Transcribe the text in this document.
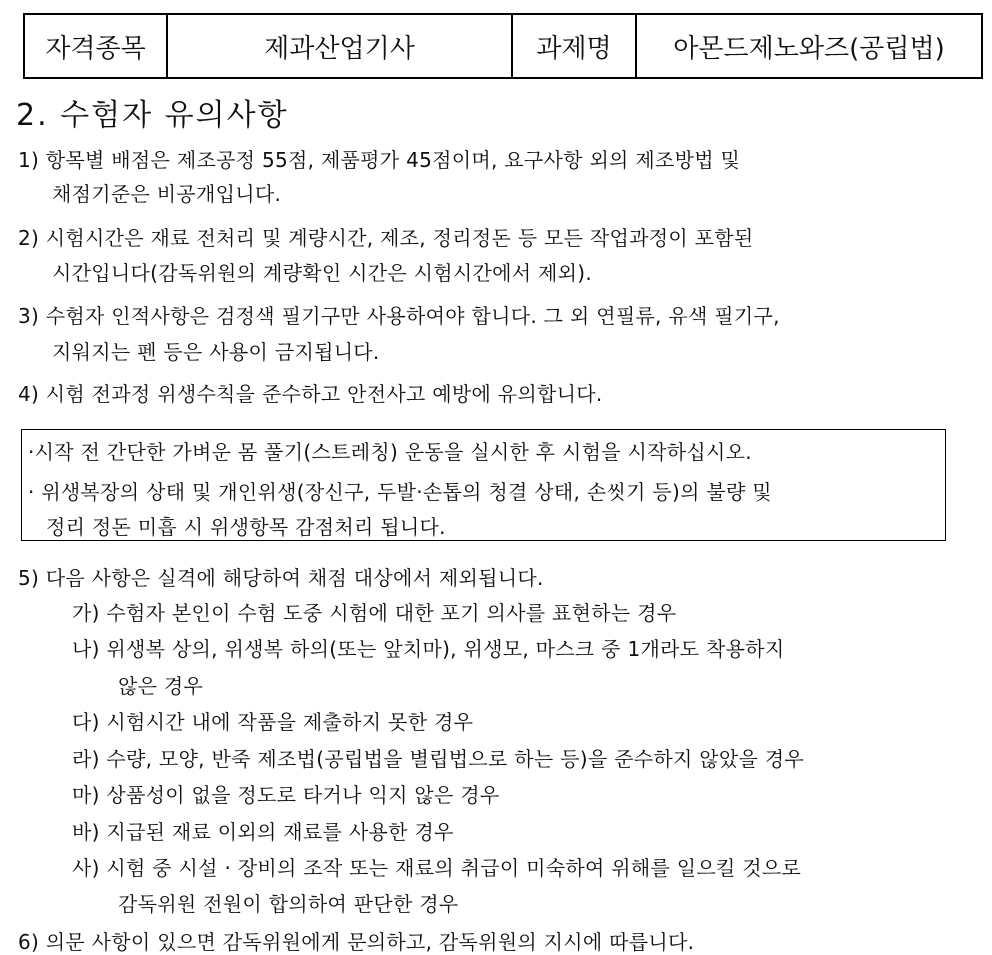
자격종목	제과산업기사	과제명	아몬드제노와즈(공립법)
2. 수험자 유의사항
1) 항목별 배점은 제조공정 55점, 제품평가 45점이며, 요구사항 외의 제조방법 및
채점기준은 비공개입니다.
2) 시험시간은 재료 전처리 및 계량시간, 제조, 정리정돈 등 모든 작업과정이 포함된
시간입니다(감독위원의 계량확인 시간은 시험시간에서 제외).
3) 수험자 인적사항은 검정색 필기구만 사용하여야 합니다. 그 외 연필류, 유색 필기구,
지워지는 펜 등은 사용이 금지됩니다.
4) 시험 전과정 위생수칙을 준수하고 안전사고 예방에 유의합니다.
·시작 전 간단한 가벼운 몸 풀기(스트레칭) 운동을 실시한 후 시험을 시작하십시오.
· 위생복장의 상태 및 개인위생(장신구, 두발·손톱의 청결 상태, 손씻기 등)의 불량 및
정리 정돈 미흡 시 위생항목 감점처리 됩니다.
5) 다음 사항은 실격에 해당하여 채점 대상에서 제외됩니다.
가) 수험자 본인이 수험 도중 시험에 대한 포기 의사를 표현하는 경우
나) 위생복 상의, 위생복 하의(또는 앞치마), 위생모, 마스크 중 1개라도 착용하지
않은 경우
다) 시험시간 내에 작품을 제출하지 못한 경우
라) 수량, 모양, 반죽 제조법(공립법을 별립법으로 하는 등)을 준수하지 않았을 경우
마) 상품성이 없을 정도로 타거나 익지 않은 경우
바) 지급된 재료 이외의 재료를 사용한 경우
사) 시험 중 시설 · 장비의 조작 또는 재료의 취급이 미숙하여 위해를 일으킬 것으로
감독위원 전원이 합의하여 판단한 경우
6) 의문 사항이 있으면 감독위원에게 문의하고, 감독위원의 지시에 따릅니다.
